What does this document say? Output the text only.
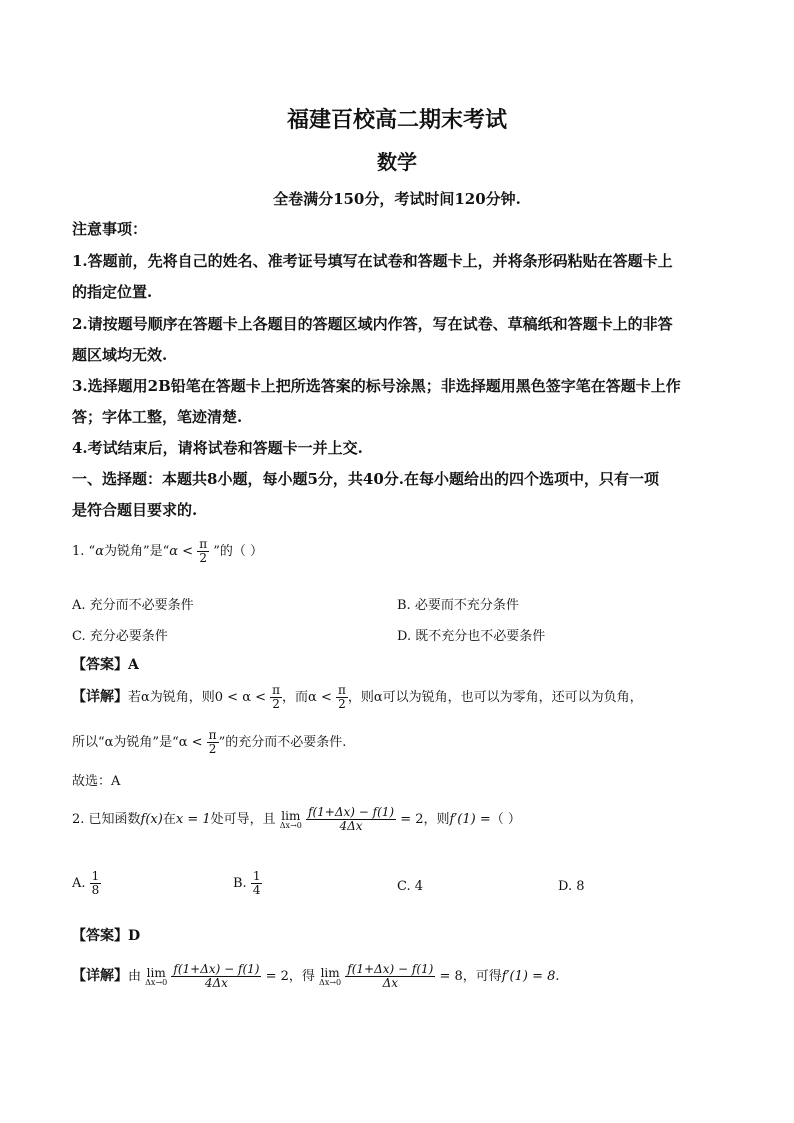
福建百校高二期末考试
数学
全卷满分150分，考试时间120分钟.
注意事项：
1.答题前，先将自己的姓名、准考证号填写在试卷和答题卡上，并将条形码粘贴在答题卡上
的指定位置.
2.请按题号顺序在答题卡上各题目的答题区域内作答，写在试卷、草稿纸和答题卡上的非答
题区域均无效.
3.选择题用2B铅笔在答题卡上把所选答案的标号涂黑；非选择题用黑色签字笔在答题卡上作
答；字体工整，笔迹清楚.
4.考试结束后，请将试卷和答题卡一并上交.
一、选择题：本题共8小题，每小题5分，共40分.在每小题给出的四个选项中，只有一项
是符合题目要求的.
1. “α为锐角”是“$\alpha < \frac{\pi}{2}$ ”的（ ）
A. 充分而不必要条件	B. 必要而不充分条件
C. 充分必要条件	D. 既不充分也不必要条件
【答案】A
【详解】若α为锐角，则$0 < \alpha < \frac{\pi}{2}$ ，而$\alpha < \frac{\pi}{2}$ ，则α可以为锐角，也可以为零角，还可以为负角，
所以“α为锐角”是“$\alpha < \frac{\pi}{2}$ ”的充分而不必要条件.
故选：A
2. 已知函数f(x)在x = 1处可导，且 lim
Δx→0
$\frac{f(1+\Delta x) - f(1)}{4\Delta x} = 2$，则f′(1) =（ ）
A. $\frac{1}{8}$	B. $\frac{1}{4}$	C. 4	D. 8
【答案】D
【详解】由 lim
Δx→0
$\frac{f(1+\Delta x) - f(1)}{4\Delta x} = 2$，得 lim
Δx→0
$\frac{f(1+\Delta x) - f(1)}{\Delta x} = 8$，可得f′(1) = 8.
